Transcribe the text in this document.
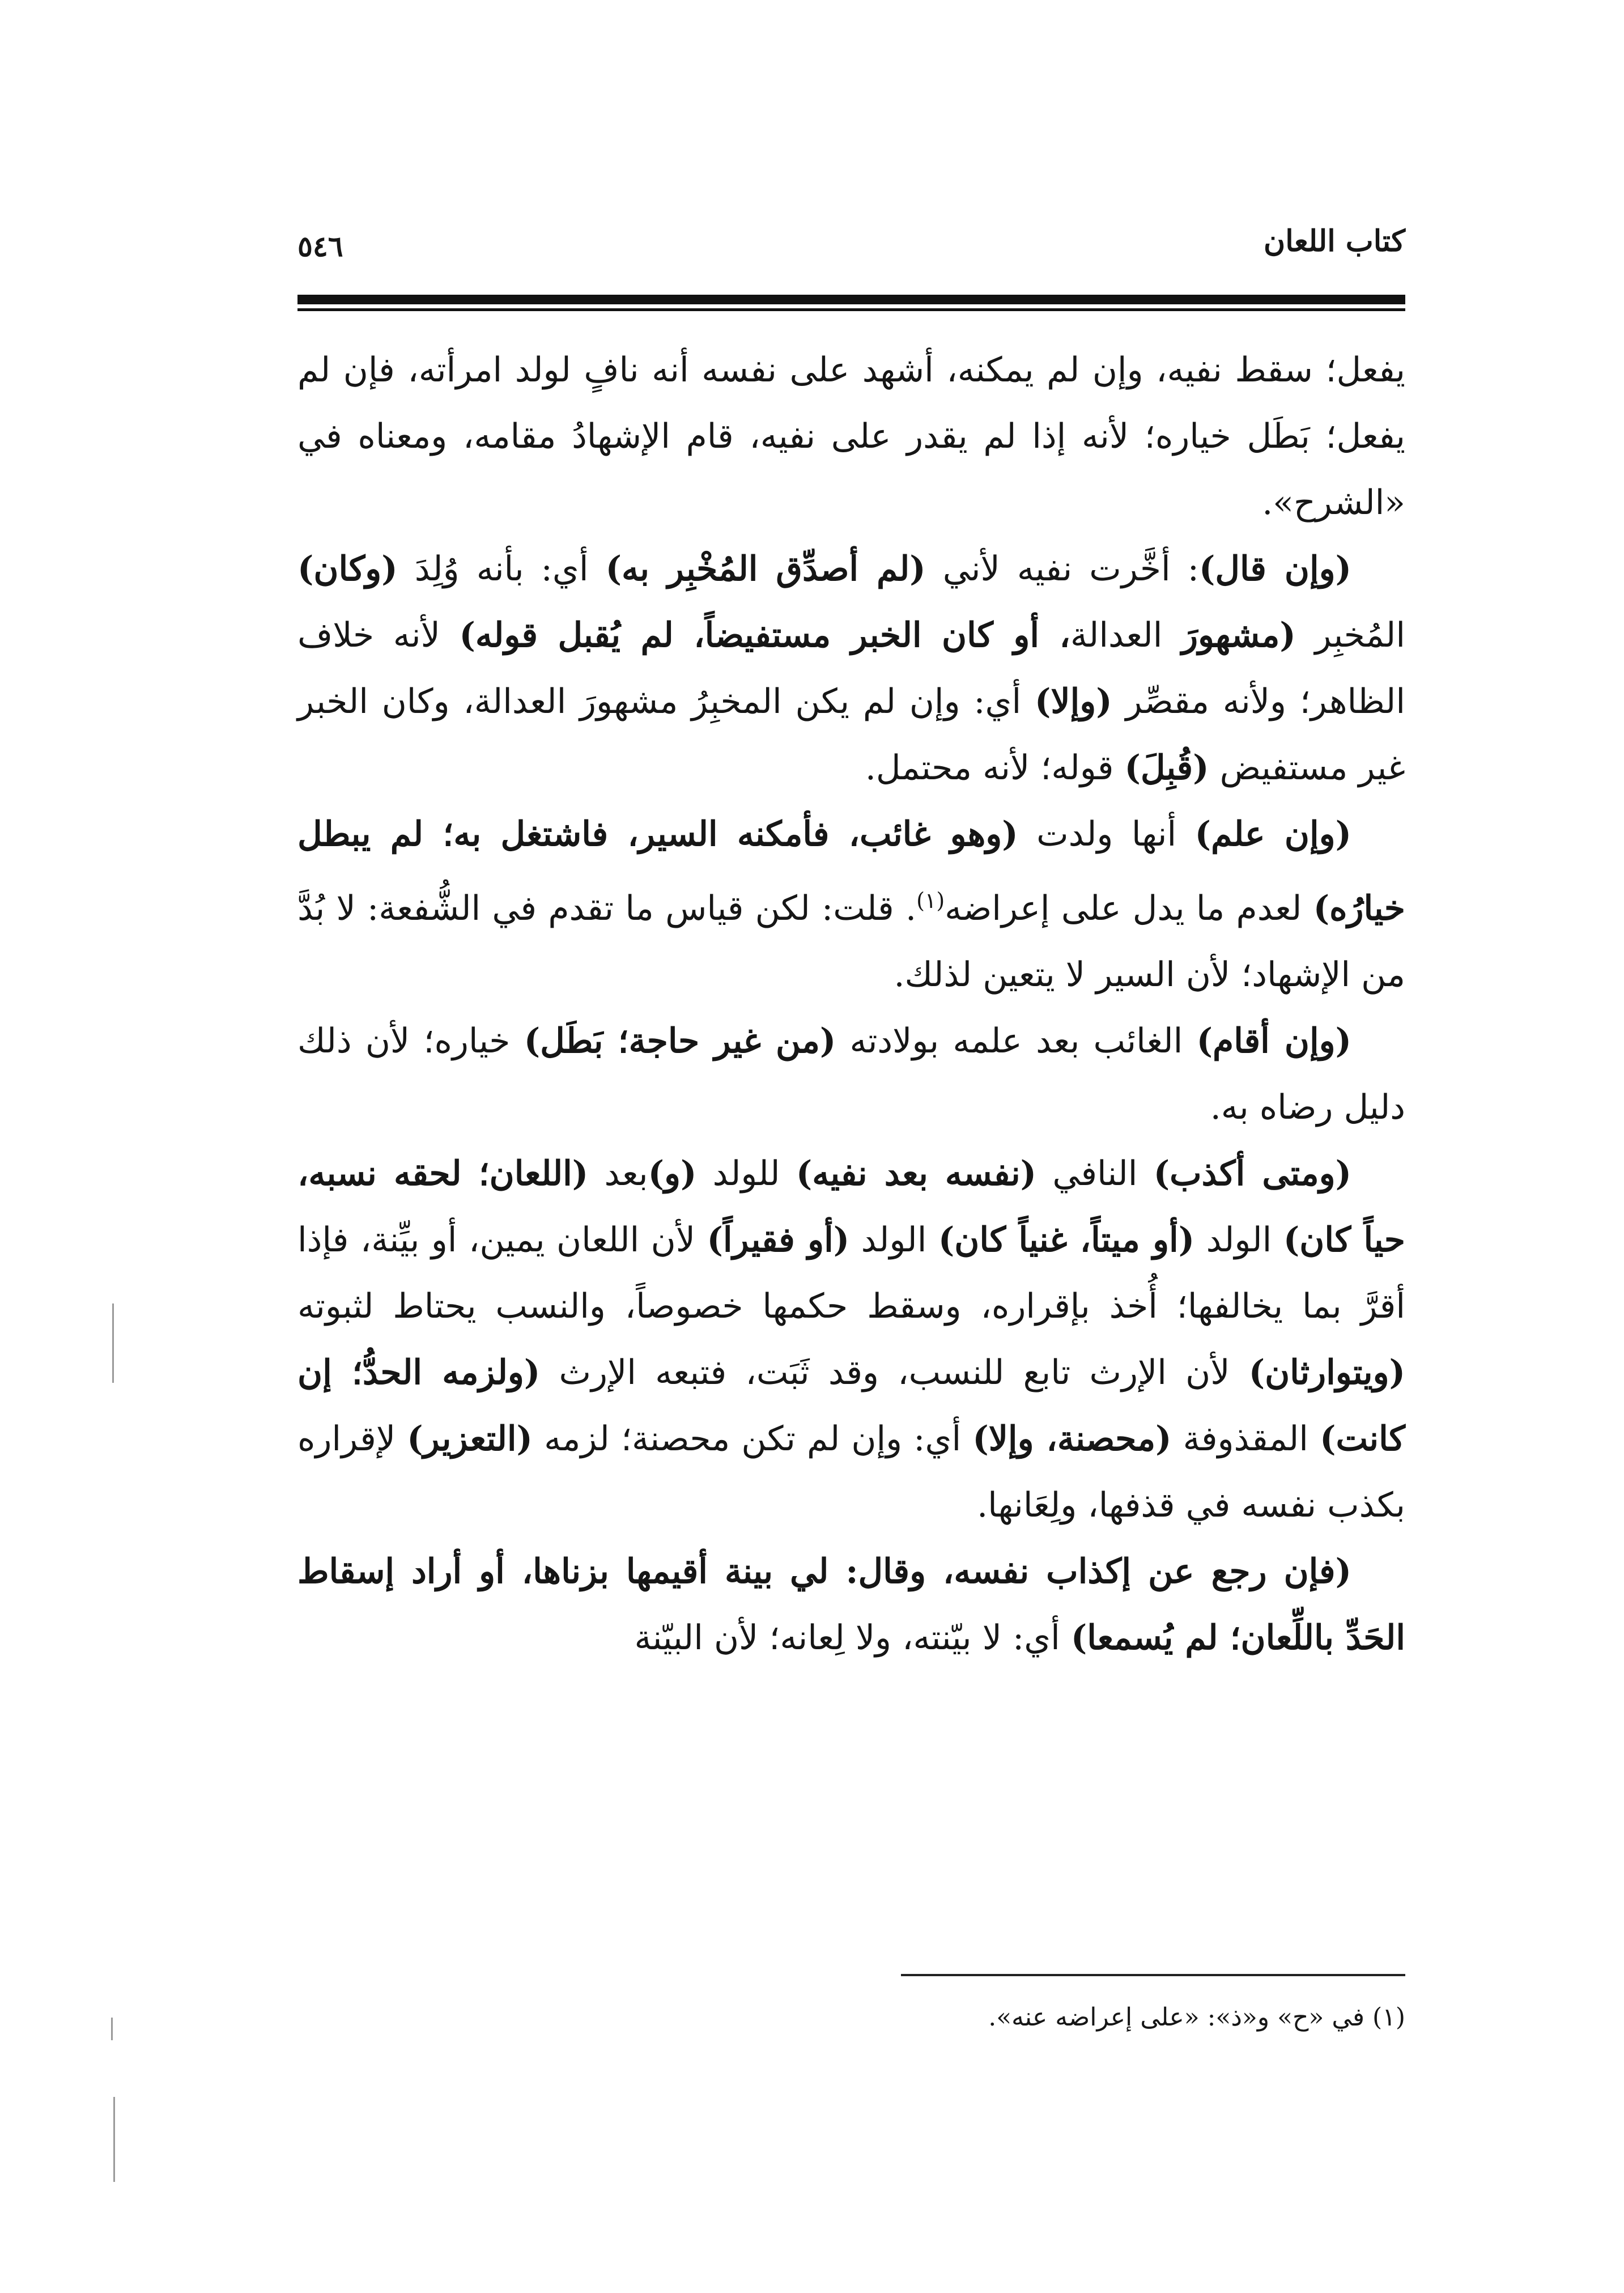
كتاب اللعان
٥٤٦

يفعل؛ سقط نفيه، وإن لم يمكنه، أشهد على نفسه أنه نافٍ لولد امرأته، فإن لم يفعل؛ بَطَل خياره؛ لأنه إذا لم يقدر على نفيه، قام الإشهادُ مقامه، ومعناه في «الشرح».

(وإن قال): أخَّرت نفيه لأني (لم أصدِّق المُخْبِر به) أي: بأنه وُلِدَ (وكان) المُخبِر (مشهورَ العدالة، أو كان الخبر مستفيضاً، لم يُقبل قوله) لأنه خلاف الظاهر؛ ولأنه مقصِّر (وإلا) أي: وإن لم يكن المخبِرُ مشهورَ العدالة، وكان الخبر غير مستفيض (قُبِلَ) قوله؛ لأنه محتمل.

(وإن علم) أنها ولدت (وهو غائب، فأمكنه السير، فاشتغل به؛ لم يبطل خيارُه) لعدم ما يدل على إعراضه$^{(١)}$. قلت: لكن قياس ما تقدم في الشُّفعة: لا بُدَّ من الإشهاد؛ لأن السير لا يتعين لذلك.

(وإن أقام) الغائب بعد علمه بولادته (من غير حاجة؛ بَطَل) خياره؛ لأن ذلك دليل رضاه به.

(ومتى أكذب) النافي (نفسه بعد نفيه) للولد (و)بعد (اللعان؛ لحقه نسبه، حياً كان) الولد (أو ميتاً، غنياً كان) الولد (أو فقيراً) لأن اللعان يمين، أو بيِّنة، فإذا أقرَّ بما يخالفها؛ أُخذ بإقراره، وسقط حكمها خصوصاً، والنسب يحتاط لثبوته (ويتوارثان) لأن الإرث تابع للنسب، وقد ثَبَت، فتبعه الإرث (ولزمه الحدُّ؛ إن كانت) المقذوفة (محصنة، وإلا) أي: وإن لم تكن محصنة؛ لزمه (التعزير) لإقراره بكذب نفسه في قذفها، ولِعَانها.

(فإن رجع عن إكذاب نفسه، وقال: لي بينة أقيمها بزناها، أو أراد إسقاط الحَدِّ باللِّعان؛ لم يُسمعا) أي: لا بيّنته، ولا لِعانه؛ لأن البيّنة

(١) في «ح» و«ذ»: «على إعراضه عنه».
